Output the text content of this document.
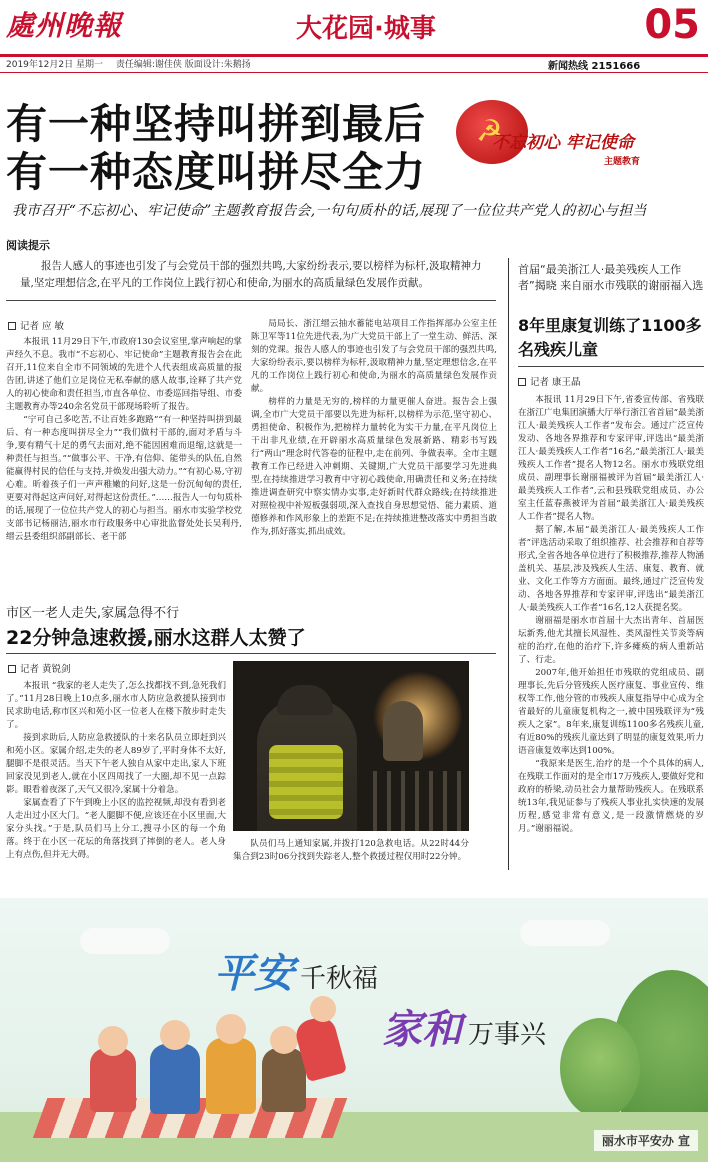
處州晚報	大花园·城事	05
2019年12月2日 星期一 责任编辑:谢佳侠 版面设计:朱鹅扬	新闻热线 2151666
有一种坚持叫拼到最后
有一种态度叫拼尽全力
☭
不忘初心 牢记使命
主题教育
我市召开“不忘初心、牢记使命”主题教育报告会,一句句质朴的话,展现了一位位共产党人的初心与担当
阅读提示
报告人感人的事迹也引发了与会党员干部的强烈共鸣,大家纷纷表示,要以榜样为标杆,汲取精神力量,坚定理想信念,在平凡的工作岗位上践行初心和使命,为丽水的高质量绿色发展作贡献。
记者 应 敏

本报讯 11月29日下午,市政府130会议室里,掌声响起的掌声经久不息。我市“不忘初心、牢记使命”主题教育报告会在此召开,11位来自全市不同领域的先进个人代表组成高质量的报告团,讲述了他们立足岗位无私奉献的感人故事,诠释了共产党人的初心使命和责任担当,市直各单位、市委巡回指导组、市委主题教育办等240余名党员干部现场聆听了报告。

“宁可自己多吃苦,不让百姓多跑路”“有一种坚持叫拼到最后、有一种态度叫拼尽全力”“我们做村干部的,面对矛盾与斗争,要有精气十足的勇气去面对,绝不能因困难而退缩,这就是一种责任与担当。”“做事公平、干净,有信仰、能带头的队伍,自然能赢得村民的信任与支持,并焕发出强大动力。”“有初心易,守初心难。昕着孩子们一声声稚嫩的问好,这是一份沉甸甸的责任,更要对得起这声问好,对得起这份责任。”……报告人一句句质朴的话,展现了一位位共产党人的初心与担当。丽水市实验学校党支部书记杨丽洁,丽水市行政服务中心审批监督处处长吴利丹,缙云县委组织部副部长、老干部

局局长、浙江缙云抽水蓄能电站项目工作指挥部办公室主任陈卫军等11位先进代表,为广大党员干部上了一堂生动、鲜活、深刻的党课。报告人感人的事迹也引发了与会党员干部的强烈共鸣,大家纷纷表示,要以榜样为标杆,汲取精神力量,坚定理想信念,在平凡的工作岗位上践行初心和使命,为丽水的高质量绿色发展作贡献。

榜样的力量是无穷的,榜样的力量更催人奋进。报告会上强调,全市广大党员干部要以先进为标杆,以榜样为示范,坚守初心、勇担使命、积极作为,把榜样力量转化为实干力量,在平凡岗位上干出非凡业绩,在开辟丽水高质量绿色发展新路、精彩书写践行“两山”理念时代答卷的征程中,走在前列、争做表率。全市主题教育工作已经进入冲刺期、关键期,广大党员干部要学习先进典型,在持续推进学习教育中守初心践使命,用确责任和义务;在持续推进调查研究中察实情办实事,走好新时代群众路线;在持续推进对照检视中补短板强弱项,深入查找自身思想觉悟、能力素质、道德修养和作风形象上的差距不足;在持续推进整改落实中勇担当敢作为,抓好落实,抓出成效。

市区一老人走失,家属急得不行
22分钟急速救援,丽水这群人太赞了
记者 黄锐剑

本报讯 “我家的老人走失了,怎么找都找不到,急死我们了。”11月28日晚上10点多,丽水市人防应急救援队接到市民求助电话,称市区兴和苑小区一位老人在楼下散步时走失了。

接到求助后,人防应急救援队的十来名队员立即赶到兴和苑小区。家属介绍,走失的老人89岁了,平时身体不太好,腿脚不是很灵活。当天下午老人独自从家中走出,家人下班回家没见到老人,就在小区四周找了一大圈,却不见一点踪影。眼看着夜深了,天气又很冷,家属十分着急。

家属查看了下午到晚上小区的监控视频,却没有看到老人走出过小区大门。“老人腿脚不便,应该还在小区里面,大家分头找。”于是,队员们马上分工,搜寻小区的每一个角落。终于在小区一花坛的角落找到了摔倒的老人。老人身上有点伤,但并无大碍。

队员们马上通知家属,并拨打120急救电话。从22时44分集合到23时06分找到失踪老人,整个救援过程仅用时22分钟。

首届“最美浙江人·最美残疾人工作者”揭晓 来自丽水市残联的谢丽福入选
8年里康复训练了1100多名残疾儿童
记者 康王晶

本报讯 11月29日下午,省委宣传部、省残联在浙江广电集团演播大厅举行浙江省首届“最美浙江人·最美残疾人工作者”发布会。通过广泛宣传发动、各地各界推荐和专家评审,评选出“最美浙江人·最美残疾人工作者”16名,“最美浙江人·最美残疾人工作者”提名人物12名。丽水市残联党组成员、副理事长谢丽福被评为首届“最美浙江人·最美残疾人工作者”,云和县残联党组成员、办公室主任蓝春燕被评为首届“最美浙江人·最美残疾人工作者”提名人物。

据了解,本届“最美浙江人·最美残疾人工作者”评选活动采取了组织推荐、社会推荐和自荐等形式,全省各地各单位进行了积极推荐,推荐人物涵盖机关、基层,涉及残疾人生活、康复、教育、就业、文化工作等方方面面。最终,通过广泛宣传发动、各地各界推荐和专家评审,评选出“最美浙江人·最美残疾人工作者”16名,12人获提名奖。

谢丽福是丽水市首届十大杰出青年、首届医坛新秀,他尤其擅长风湿性、类风湿性关节炎等病症的治疗,在他的治疗下,许多瘫痪的病人重新站了、行走。

2007年,他开始担任市残联的党组成员、副理事长,先后分管残疾人医疗康复、事业宣传、维权等工作,他分管的市残疾人康复指导中心成为全省最好的儿童康复机构之一,被中国残联评为“残疾人之家”。8年来,康复训练1100多名残疾儿童,有近80%的残疾儿童达到了明显的康复效果,听力语音康复效率达到100%。

“我原来是医生,治疗的是一个个具体的病人,在残联工作面对的是全市17万残疾人,要做好党和政府的桥梁,动员社会力量帮助残疾人。在残联系统13年,我见证参与了残疾人事业扎实快速的发展历程,感觉非常有意义,是一段激情燃烧的岁月。”谢丽福说。

平安 千秋福
家和 万事兴
丽水市平安办 宣
